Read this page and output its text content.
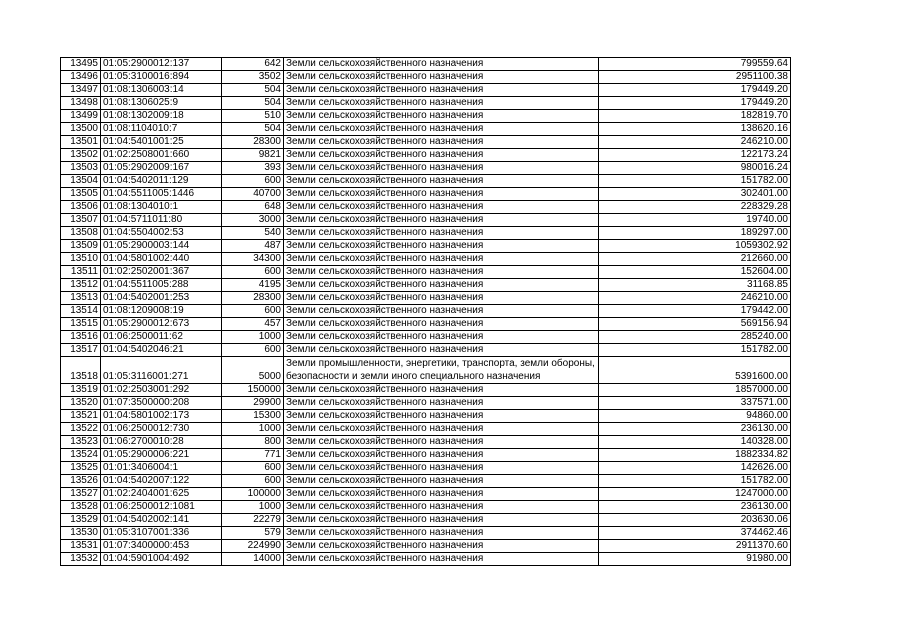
13495	01:05:2900012:137	642	Земли сельскохозяйственного назначения	799559.64
13496	01:05:3100016:894	3502	Земли сельскохозяйственного назначения	2951100.38
13497	01:08:1306003:14	504	Земли сельскохозяйственного назначения	179449.20
13498	01:08:1306025:9	504	Земли сельскохозяйственного назначения	179449.20
13499	01:08:1302009:18	510	Земли сельскохозяйственного назначения	182819.70
13500	01:08:1104010:7	504	Земли сельскохозяйственного назначения	138620.16
13501	01:04:5401001:25	28300	Земли сельскохозяйственного назначения	246210.00
13502	01:02:2508001:660	9821	Земли сельскохозяйственного назначения	122173.24
13503	01:05:2902009:167	393	Земли сельскохозяйственного назначения	980016.24
13504	01:04:5402011:129	600	Земли сельскохозяйственного назначения	151782.00
13505	01:04:5511005:1446	40700	Земли сельскохозяйственного назначения	302401.00
13506	01:08:1304010:1	648	Земли сельскохозяйственного назначения	228329.28
13507	01:04:5711011:80	3000	Земли сельскохозяйственного назначения	19740.00
13508	01:04:5504002:53	540	Земли сельскохозяйственного назначения	189297.00
13509	01:05:2900003:144	487	Земли сельскохозяйственного назначения	1059302.92
13510	01:04:5801002:440	34300	Земли сельскохозяйственного назначения	212660.00
13511	01:02:2502001:367	600	Земли сельскохозяйственного назначения	152604.00
13512	01:04:5511005:288	4195	Земли сельскохозяйственного назначения	31168.85
13513	01:04:5402001:253	28300	Земли сельскохозяйственного назначения	246210.00
13514	01:08:1209008:19	600	Земли сельскохозяйственного назначения	179442.00
13515	01:05:2900012:673	457	Земли сельскохозяйственного назначения	569156.94
13516	01:06:2500011:62	1000	Земли сельскохозяйственного назначения	285240.00
13517	01:04:5402046:21	600	Земли сельскохозяйственного назначения	151782.00
13518	01:05:3116001:271	5000	Земли промышленности, энергетики, транспорта, земли обороны, безопасности и земли иного специального назначения	5391600.00
13519	01:02:2503001:292	150000	Земли сельскохозяйственного назначения	1857000.00
13520	01:07:3500000:208	29900	Земли сельскохозяйственного назначения	337571.00
13521	01:04:5801002:173	15300	Земли сельскохозяйственного назначения	94860.00
13522	01:06:2500012:730	1000	Земли сельскохозяйственного назначения	236130.00
13523	01:06:2700010:28	800	Земли сельскохозяйственного назначения	140328.00
13524	01:05:2900006:221	771	Земли сельскохозяйственного назначения	1882334.82
13525	01:01:3406004:1	600	Земли сельскохозяйственного назначения	142626.00
13526	01:04:5402007:122	600	Земли сельскохозяйственного назначения	151782.00
13527	01:02:2404001:625	100000	Земли сельскохозяйственного назначения	1247000.00
13528	01:06:2500012:1081	1000	Земли сельскохозяйственного назначения	236130.00
13529	01:04:5402002:141	22279	Земли сельскохозяйственного назначения	203630.06
13530	01:05:3107001:336	579	Земли сельскохозяйственного назначения	374462.46
13531	01:07:3400000:453	224990	Земли сельскохозяйственного назначения	2911370.60
13532	01:04:5901004:492	14000	Земли сельскохозяйственного назначения	91980.00
